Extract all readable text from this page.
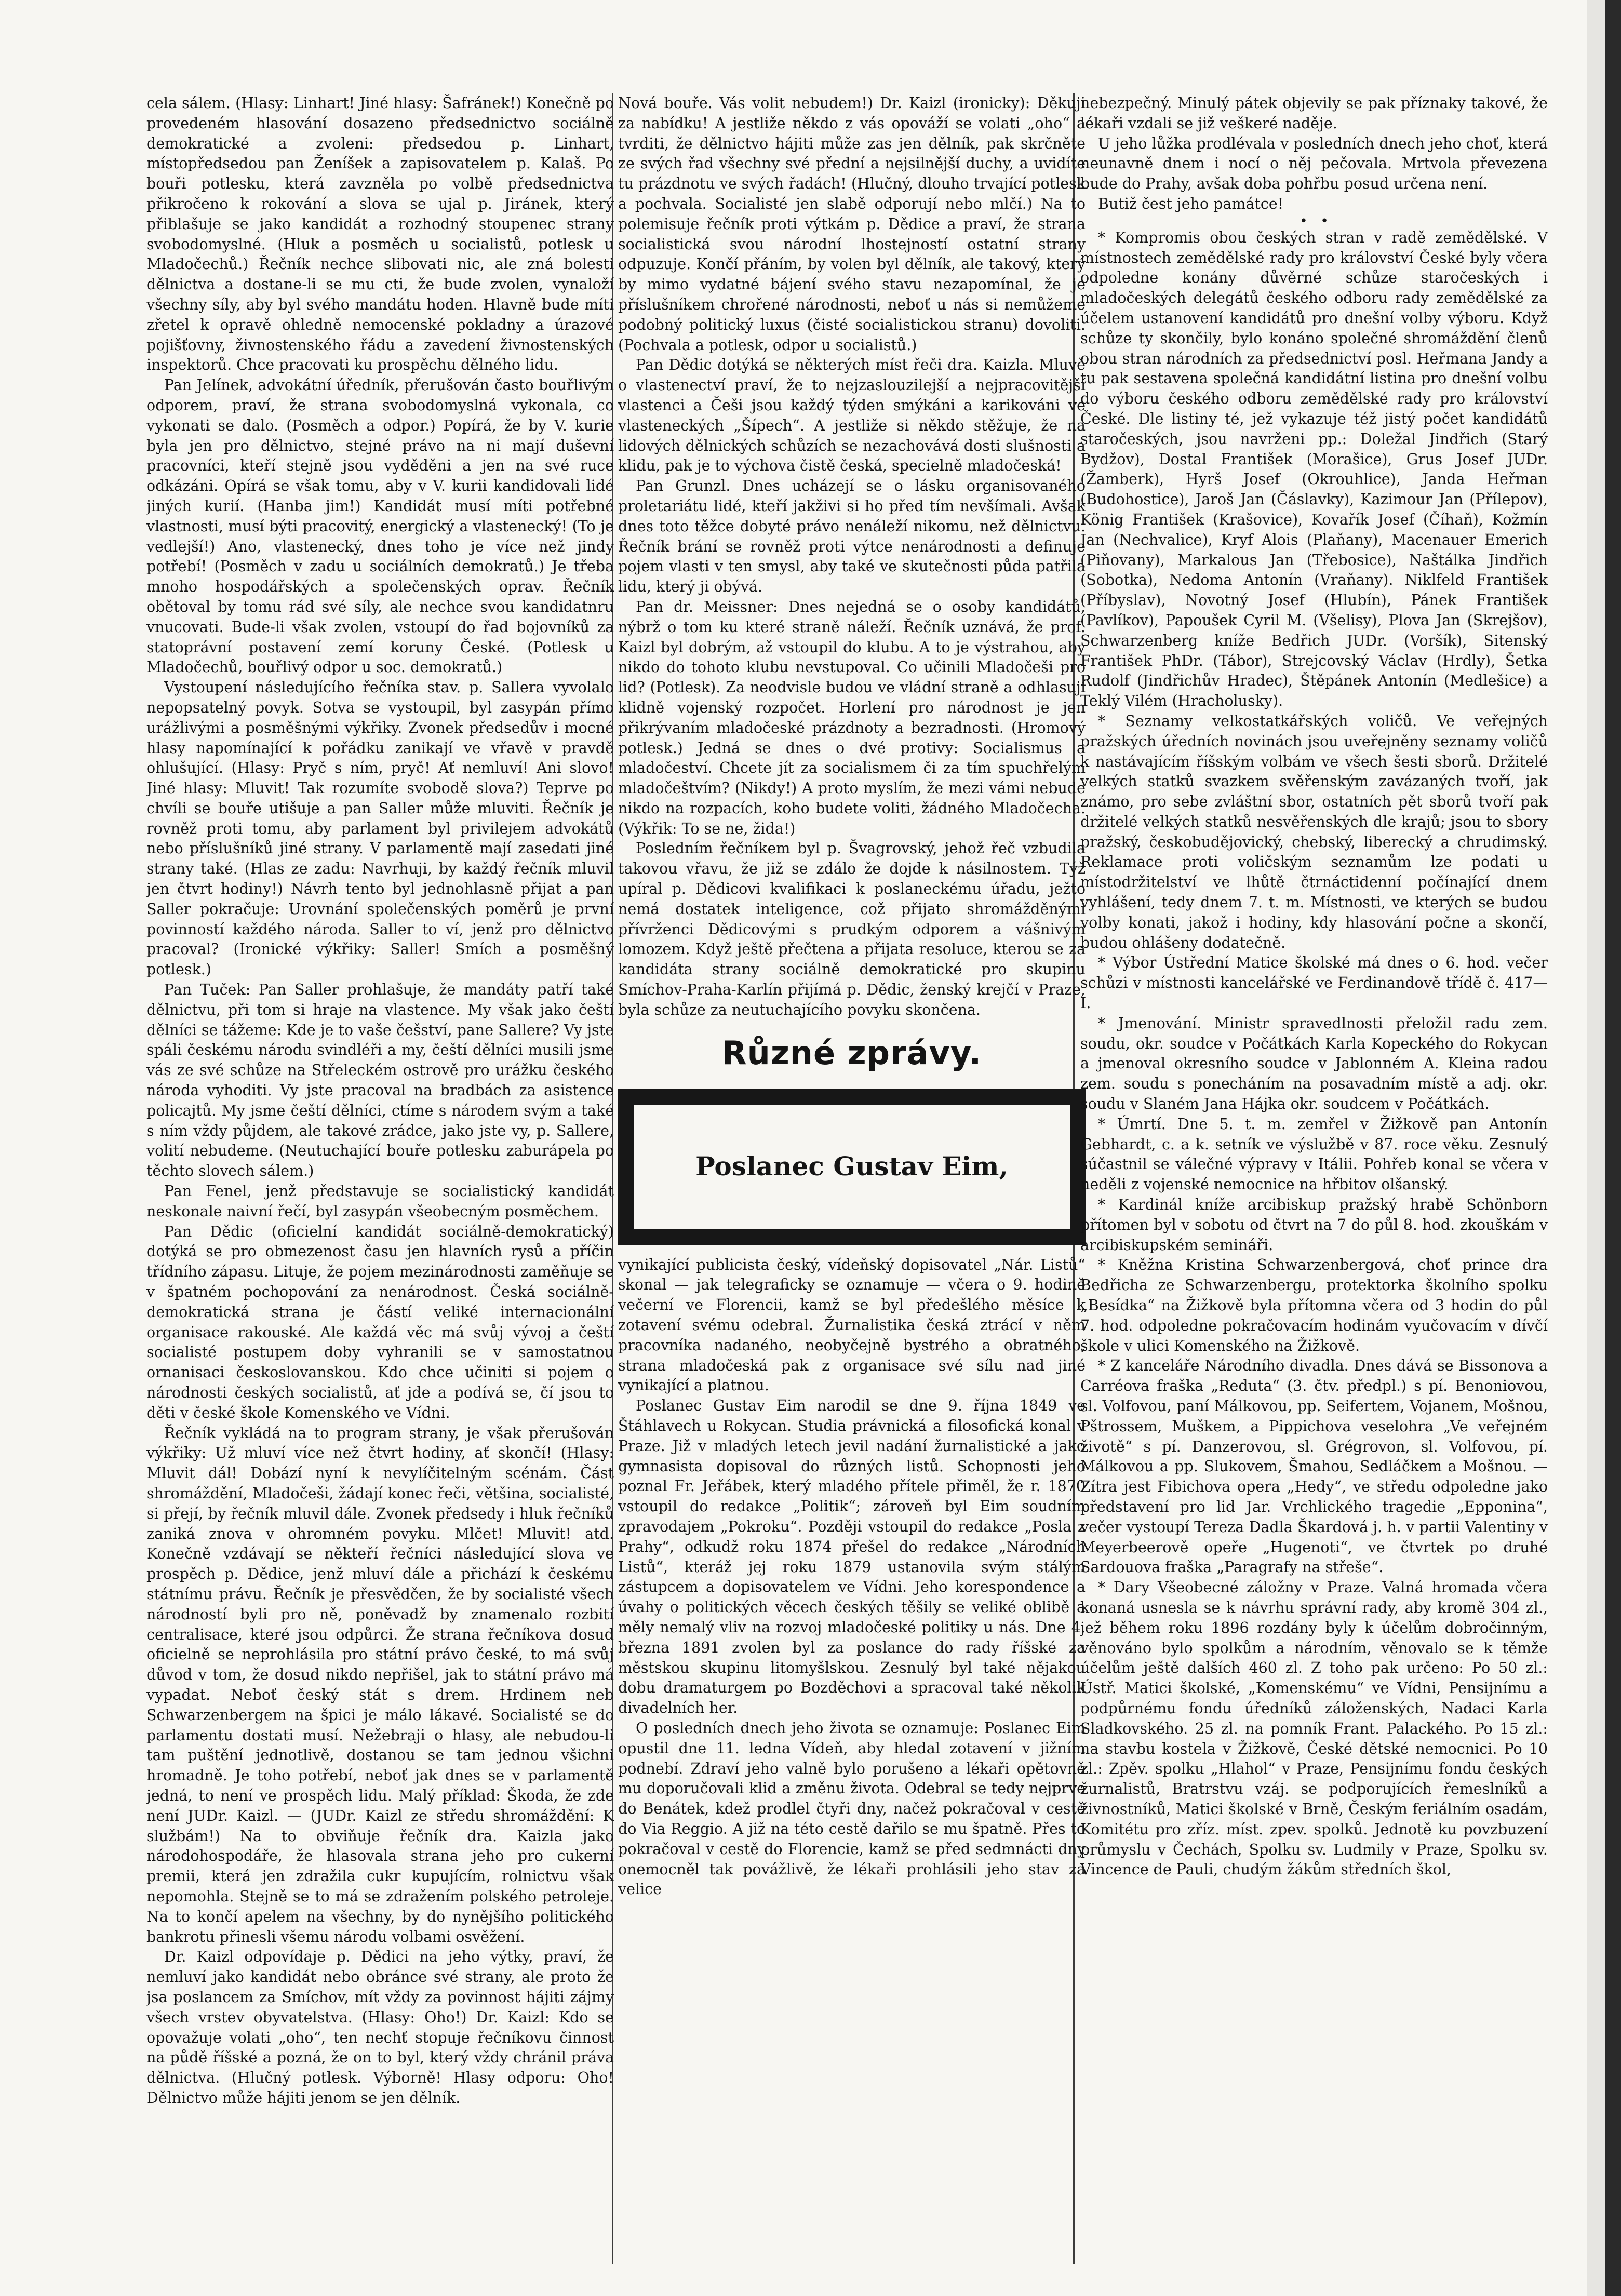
cela sálem. (Hlasy: Linhart! Jiné hlasy: Šafránek!) Konečně po provedeném hlasování dosazeno předsednictvo sociálně demokratické a zvoleni: předsedou p. Linhart, místopředsedou pan Ženíšek a zapisovatelem p. Kalaš. Po bouři potlesku, která zavzněla po volbě předsednictva přikročeno k rokování a slova se ujal p. Jiránek, který přiblašuje se jako kandidát a rozhodný stoupenec strany svobodomyslné. (Hluk a posměch u socialistů, potlesk u Mladočechů.) Řečník nechce slibovati nic, ale zná bolesti dělnictva a dostane-li se mu cti, že bude zvolen, vynaloží všechny síly, aby byl svého mandátu hoden. Hlavně bude míti zřetel k opravě ohledně nemocenské pokladny a úrazové pojišťovny, živnostenského řádu a zavedení živnostenských inspektorů. Chce pracovati ku prospěchu dělného lidu.

Pan Jelínek, advokátní úředník, přerušován často bouřlivým odporem, praví, že strana svobodomyslná vykonala, co vykonati se dalo. (Posměch a odpor.) Popírá, že by V. kurie byla jen pro dělnictvo, stejné právo na ni mají duševní pracovníci, kteří stejně jsou vyděděni a jen na své ruce odkázáni. Opírá se však tomu, aby v V. kurii kandidovali lidé jiných kurií. (Hanba jim!) Kandidát musí míti potřebné vlastnosti, musí býti pracovitý, energický a vlastenecký! (To je vedlejší!) Ano, vlastenecký, dnes toho je více než jindy potřebí! (Posměch v zadu u sociálních demokratů.) Je třeba mnoho hospodářských a společenských oprav. Řečník obětoval by tomu rád své síly, ale nechce svou kandidatnru vnucovati. Bude-li však zvolen, vstoupí do řad bojovníků za statoprávní postavení zemí koruny České. (Potlesk u Mladočechů, bouřlivý odpor u soc. demokratů.)

Vystoupení následujícího řečníka stav. p. Sallera vyvolalo nepopsatelný povyk. Sotva se vystoupil, byl zasypán přímo urážlivými a posměšnými výkřiky. Zvonek předsedův i mocné hlasy napomínající k pořádku zanikají ve vřavě v pravdě ohlušující. (Hlasy: Pryč s ním, pryč! Ať nemluví! Ani slovo! Jiné hlasy: Mluvit! Tak rozumíte svobodě slova?) Teprve po chvíli se bouře utišuje a pan Saller může mluviti. Řečník je rovněž proti tomu, aby parlament byl privilejem advokátů nebo příslušníků jiné strany. V parlamentě mají zasedati jiné strany také. (Hlas ze zadu: Navrhuji, by každý řečník mluvil jen čtvrt hodiny!) Návrh tento byl jednohlasně přijat a pan Saller pokračuje: Urovnání společenských poměrů je první povinností každého národa. Saller to ví, jenž pro dělnictvo pracoval? (Ironické výkřiky: Saller! Smích a posměšný potlesk.)

Pan Tuček: Pan Saller prohlašuje, že mandáty patří také dělnictvu, při tom si hraje na vlastence. My však jako čeští dělníci se tážeme: Kde je to vaše češství, pane Sallere? Vy jste spáli českému národu svindléři a my, čeští dělníci musili jsme vás ze své schůze na Střeleckém ostrově pro urážku českého národa vyhoditi. Vy jste pracoval na bradbách za asistence policajtů. My jsme čeští dělníci, ctíme s národem svým a také s ním vždy půjdem, ale takové zrádce, jako jste vy, p. Sallere, volití nebudeme. (Neutuchající bouře potlesku zaburápela po těchto slovech sálem.)

Pan Fenel, jenž představuje se socialistický kandidát neskonale naivní řečí, byl zasypán všeobecným posměchem.

Pan Dědic (oficielní kandidát sociálně-demokratický) dotýká se pro obmezenost času jen hlavních rysů a příčin třídního zápasu. Lituje, že pojem mezinárodnosti zaměňuje se v špatném pochopování za nenárodnost. Česká sociálně-demokratická strana je částí veliké internacionální organisace rakouské. Ale každá věc má svůj vývoj a čeští socialisté postupem doby vyhranili se v samostatnou ornanisaci českoslovanskou. Kdo chce učiniti si pojem o národnosti českých socialistů, ať jde a podívá se, čí jsou to děti v české škole Komenského ve Vídni.

Řečník vykládá na to program strany, je však přerušován výkřiky: Už mluví více než čtvrt hodiny, ať skončí! (Hlasy: Mluvit dál! Dobází nyní k nevylíčitelným scénám. Část shromáždění, Mladočeši, žádají konec řeči, většina, socialisté, si přejí, by řečník mluvil dále. Zvonek předsedy i hluk řečníků zaniká znova v ohromném povyku. Mlčet! Mluvit! atd. Konečně vzdávají se někteří řečníci následující slova ve prospěch p. Dědice, jenž mluví dále a přichází k českému státnímu právu. Řečník je přesvědčen, že by socialisté všech národností byli pro ně, poněvadž by znamenalo rozbití centralisace, které jsou odpůrci. Že strana řečníkova dosud oficielně se neprohlásila pro státní právo české, to má svůj důvod v tom, že dosud nikdo nepřišel, jak to státní právo má vypadat. Neboť český stát s drem. Hrdinem neb Schwarzenbergem na špici je málo lákavé. Socialisté se do parlamentu dostati musí. Nežebraji o hlasy, ale nebudou-li tam puštění jednotlivě, dostanou se tam jednou všichni hromadně. Je toho potřebí, neboť jak dnes se v parlamentě jedná, to není ve prospěch lidu. Malý příklad: Škoda, že zde není JUDr. Kaizl. — (JUDr. Kaizl ze středu shromáždění: K službám!) Na to obviňuje řečník dra. Kaizla jako národohospodáře, že hlasovala strana jeho pro cukerní premii, která jen zdražila cukr kupujícím, rolnictvu však nepomohla. Stejně se to má se zdražením polského petroleje. Na to končí apelem na všechny, by do nynějšího politického bankrotu přinesli všemu národu volbami osvěžení.

Dr. Kaizl odpovídaje p. Dědici na jeho výtky, praví, že nemluví jako kandidát nebo obránce své strany, ale proto že jsa poslancem za Smíchov, mít vždy za povinnost hájiti zájmy všech vrstev obyvatelstva. (Hlasy: Oho!) Dr. Kaizl: Kdo se opovažuje volati „oho“, ten nechť stopuje řečníkovu činnost na půdě říšské a pozná, že on to byl, který vždy chránil práva dělnictva. (Hlučný potlesk. Výborně! Hlasy odporu: Oho! Dělnictvo může hájiti jenom se jen dělník.

Nová bouře. Vás volit nebudem!) Dr. Kaizl (ironicky): Děkuji za nabídku! A jestliže někdo z vás opováží se volati „oho“ a tvrditi, že dělnictvo hájiti může zas jen dělník, pak skrčněte ze svých řad všechny své přední a nejsilnější duchy, a uvidíte tu prázdnotu ve svých řadách! (Hlučný, dlouho trvající potlesk a pochvala. Socialisté jen slabě odporují nebo mlčí.) Na to polemisuje řečník proti výtkám p. Dědice a praví, že strana socialistická svou národní lhostejností ostatní strany odpuzuje. Končí přáním, by volen byl dělník, ale takový, který by mimo vydatné bájení svého stavu nezapomínal, že je příslušníkem chrořené národnosti, neboť u nás si nemůžeme podobný politický luxus (čisté socialistickou stranu) dovoliti. (Pochvala a potlesk, odpor u socialistů.)

Pan Dědic dotýká se některých míst řeči dra. Kaizla. Mluvě o vlastenectví praví, že to nejzaslouzilejší a nejpracovitější vlastenci a Češi jsou každý týden smýkáni a karikováni ve vlasteneckých „Šípech“. A jestliže si někdo stěžuje, že na lidových dělnických schůzích se nezachovává dosti slušnosti a klidu, pak je to výchova čistě česká, specielně mladočeská!

Pan Grunzl. Dnes ucházejí se o lásku organisovaného proletariátu lidé, kteří jakživi si ho před tím nevšímali. Avšak dnes toto těžce dobyté právo nenáleží nikomu, než dělnictvu. Řečník brání se rovněž proti výtce nenárodnosti a definuje pojem vlasti v ten smysl, aby také ve skutečnosti půda patřila lidu, který ji obývá.

Pan dr. Meissner: Dnes nejedná se o osoby kandidátů, nýbrž o tom ku které straně náleží. Řečník uznává, že prof. Kaizl byl dobrým, až vstoupil do klubu. A to je výstrahou, aby nikdo do tohoto klubu nevstupoval. Co učinili Mladočeši pro lid? (Potlesk). Za neodvisle budou ve vládní straně a odhlasují klidně vojenský rozpočet. Horlení pro národnost je jen přikrývaním mladočeské prázdnoty a bezradnosti. (Hromový potlesk.) Jedná se dnes o dvé protivy: Socialismus a mladočeství. Chcete jít za socialismem či za tím spuchřelým mladočeštvím? (Nikdy!) A proto myslím, že mezi vámi nebude nikdo na rozpacích, koho budete voliti, žádného Mladočecha. (Výkřik: To se ne, žida!)

Posledním řečníkem byl p. Švagrovský, jehož řeč vzbudila takovou vřavu, že již se zdálo že dojde k násilnostem. Týž upíral p. Dědicovi kvalifikaci k poslaneckému úřadu, ježto nemá dostatek inteligence, což přijato shromážděnými přívrženci Dědicovými s prudkým odporem a vášnivým lomozem. Když ještě přečtena a přijata resoluce, kterou se za kandidáta strany sociálně demokratické pro skupinu Smíchov-Praha-Karlín přijímá p. Dědic, ženský krejčí v Praze, byla schůze za neutuchajícího povyku skončena.

Různé zprávy.
Poslanec Gustav Eim,

vynikající publicista český, vídeňský dopisovatel „Nár. Listů“ skonal — jak telegraficky se oznamuje — včera o 9. hodině večerní ve Florencii, kamž se byl předešlého měsíce k zotavení svému odebral. Žurnalistika česká ztrácí v něm pracovníka nadaného, neobyčejně bystrého a obratného, strana mladočeská pak z organisace své sílu nad jiné vynikající a platnou.

Poslanec Gustav Eim narodil se dne 9. října 1849 ve Štáhlavech u Rokycan. Studia právnická a filosofická konal v Praze. Již v mladých letech jevil nadání žurnalistické a jako gymnasista dopisoval do různých listů. Schopnosti jeho poznal Fr. Jeřábek, který mladého přítele přiměl, že r. 1870 vstoupil do redakce „Politik“; zároveň byl Eim soudním zpravodajem „Pokroku“. Později vstoupil do redakce „Posla z Prahy“, odkudž roku 1874 přešel do redakce „Národních Listů“, kteráž jej roku 1879 ustanovila svým stálým zástupcem a dopisovatelem ve Vídni. Jeho korespondence a úvahy o politických věcech českých těšily se veliké oblibě a měly nemalý vliv na rozvoj mladočeské politiky u nás. Dne 4. března 1891 zvolen byl za poslance do rady říšské za městskou skupinu litomyšlskou. Zesnulý byl také nějakou dobu dramaturgem po Bozděchovi a spracoval také několik divadelních her.

O posledních dnech jeho života se oznamuje: Poslanec Eim opustil dne 11. ledna Vídeň, aby hledal zotavení v jižním podnebí. Zdraví jeho valně bylo porušeno a lékaři opětovně mu doporučovali klid a změnu života. Odebral se tedy nejprve do Benátek, kdež prodlel čtyři dny, načež pokračoval v cestě do Via Reggio. A již na této cestě dařilo se mu špatně. Přes to pokračoval v cestě do Florencie, kamž se před sedmnácti dny onemocněl tak povážlivě, že lékaři prohlásili jeho stav za velice

nebezpečný. Minulý pátek objevily se pak příznaky takové, že lékaři vzdali se již veškeré naděje.

U jeho lůžka prodlévala v posledních dnech jeho choť, která neunavně dnem i nocí o něj pečovala. Mrtvola převezena bude do Prahy, avšak doba pohřbu posud určena není.

Butiž čest jeho památce!

•   •

* Kompromis obou českých stran v radě zemědělské. V místnostech zemědělské rady pro království České byly včera odpoledne konány důvěrné schůze staročeských i mladočeských delegátů českého odboru rady zemědělské za účelem ustanovení kandidátů pro dnešní volby výboru. Když schůze ty skončily, bylo konáno společné shromáždění členů obou stran národních za předsednictví posl. Heřmana Jandy a tu pak sestavena společná kandidátní listina pro dnešní volbu do výboru českého odboru zemědělské rady pro království České. Dle listiny té, jež vykazuje též jistý počet kandidátů staročeských, jsou navrženi pp.: Doležal Jindřich (Starý Bydžov), Dostal František (Morašice), Grus Josef JUDr. (Žamberk), Hyrš Josef (Okrouhlice), Janda Heřman (Budohostice), Jaroš Jan (Čáslavky), Kazimour Jan (Přílepov), König František (Krašovice), Kovařík Josef (Číhaň), Kožmín Jan (Nechvalice), Kryf Alois (Plaňany), Macenauer Emerich (Piňovany), Markalous Jan (Třebosice), Naštálka Jindřich (Sobotka), Nedoma Antonín (Vraňany). Niklfeld František (Příbyslav), Novotný Josef (Hlubín), Pánek František (Pavlíkov), Papoušek Cyril M. (Všelisy), Plova Jan (Skrejšov), Schwarzenberg kníže Bedřich JUDr. (Voršík), Sitenský František PhDr. (Tábor), Strejcovský Václav (Hrdly), Šetka Rudolf (Jindřichův Hradec), Štěpánek Antonín (Medlešice) a Teklý Vilém (Hracholusky).

* Seznamy velkostatkářských voličů. Ve veřejných pražských úředních novinách jsou uveřejněny seznamy voličů k nastávajícím říšským volbám ve všech šesti sborů. Držitelé velkých statků svazkem svěřenským zavázaných tvoří, jak známo, pro sebe zvláštní sbor, ostatních pět sborů tvoří pak držitelé velkých statků nesvěřenských dle krajů; jsou to sbory pražský, českobudějovický, chebský, liberecký a chrudimský. Reklamace proti voličským seznamům lze podati u místodržitelství ve lhůtě čtrnáctidenní počínající dnem vyhlášení, tedy dnem 7. t. m. Místnosti, ve kterých se budou volby konati, jakož i hodiny, kdy hlasování počne a skončí, budou ohlášeny dodatečně.

* Výbor Ústřední Matice školské má dnes o 6. hod. večer schůzi v místnosti kancelářské ve Ferdinandově třídě č. 417—I.

* Jmenování. Ministr spravedlnosti přeložil radu zem. soudu, okr. soudce v Počátkách Karla Kopeckého do Rokycan a jmenoval okresního soudce v Jablonném A. Kleina radou zem. soudu s ponecháním na posavadním místě a adj. okr. soudu v Slaném Jana Hájka okr. soudcem v Počátkách.

* Úmrtí. Dne 5. t. m. zemřel v Žižkově pan Antonín Gebhardt, c. a k. setník ve výslužbě v 87. roce věku. Zesnulý súčastnil se válečné výpravy v Itálii. Pohřeb konal se včera v neděli z vojenské nemocnice na hřbitov olšanský.

* Kardinál kníže arcibiskup pražský hrabě Schönborn přítomen byl v sobotu od čtvrt na 7 do půl 8. hod. zkouškám v arcibiskupském semináři.

* Kněžna Kristina Schwarzenbergová, choť prince dra Bedřicha ze Schwarzenbergu, protektorka školního spolku „Besídka“ na Žižkově byla přítomna včera od 3 hodin do půl 7. hod. odpoledne pokračovacím hodinám vyučovacím v dívčí škole v ulici Komenského na Žižkově.

* Z kanceláře Národního divadla. Dnes dává se Bissonova a Carréova fraška „Reduta“ (3. čtv. předpl.) s pí. Benoniovou, sl. Volfovou, paní Málkovou, pp. Seifertem, Vojanem, Mošnou, Pštrossem, Muškem, a Pippichova veselohra „Ve veřejném životě“ s pí. Danzerovou, sl. Grégrovon, sl. Volfovou, pí. Málkovou a pp. Slukovem, Šmahou, Sedláčkem a Mošnou. — Zítra jest Fibichova opera „Hedy“, ve středu odpoledne jako představení pro lid Jar. Vrchlického tragedie „Epponina“, večer vystoupí Tereza Dadla Škardová j. h. v partii Valentiny v Meyerbeerově opeře „Hugenoti“, ve čtvrtek po druhé Sardouova fraška „Paragrafy na střeše“.

* Dary Všeobecné záložny v Praze. Valná hromada včera konaná usnesla se k návrhu správní rady, aby kromě 304 zl., jež během roku 1896 rozdány byly k účelům dobročinným, věnováno bylo spolkům a národním, věnovalo se k těmže účelům ještě dalších 460 zl. Z toho pak určeno: Po 50 zl.: Ústř. Matici školské, „Komenskému“ ve Vídni, Pensijnímu a podpůrnému fondu úředníků záloženských, Nadaci Karla Sladkovského. 25 zl. na pomník Frant. Palackého. Po 15 zl.: na stavbu kostela v Žižkově, České dětské nemocnici. Po 10 zl.: Zpěv. spolku „Hlahol“ v Praze, Pensijnímu fondu českých žurnalistů, Bratrstvu vzáj. se podporujících řemeslníků a živnostníků, Matici školské v Brně, Českým feriálním osadám, Komitétu pro zříz. míst. zpev. spolků. Jednotě ku povzbuzení průmyslu v Čechách, Spolku sv. Ludmily v Praze, Spolku sv. Vincence de Pauli, chudým žákům středních škol,
